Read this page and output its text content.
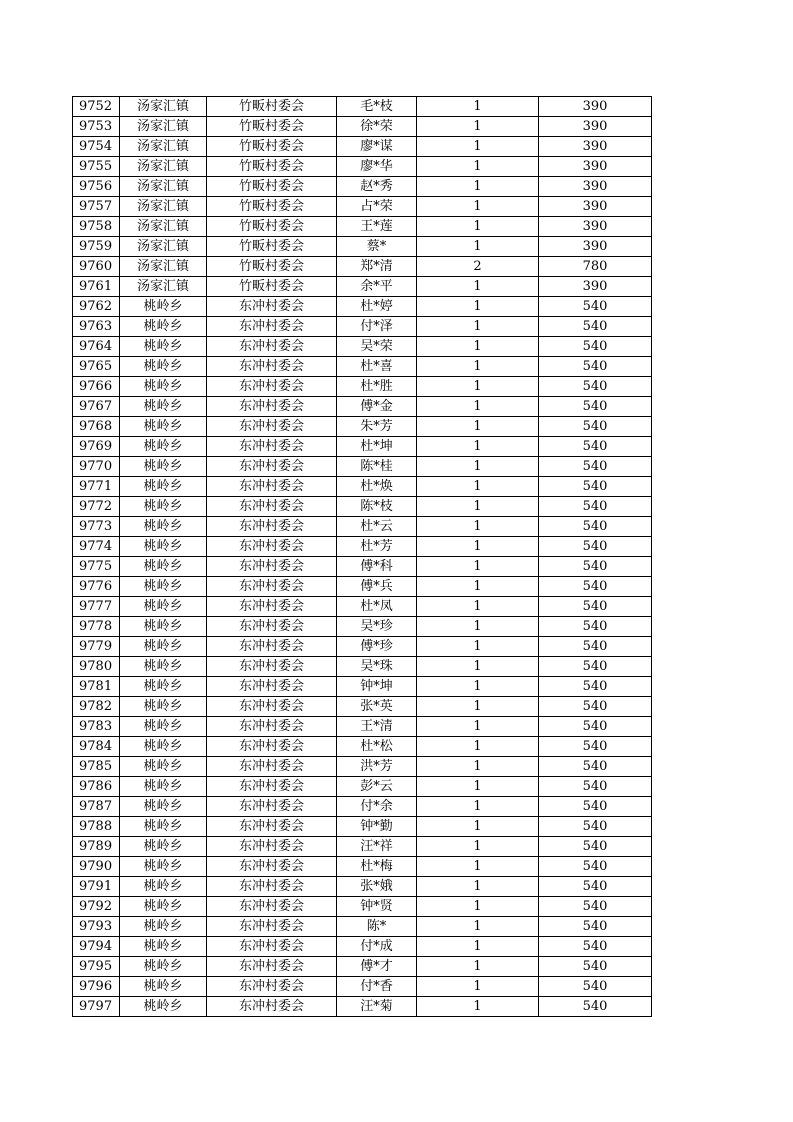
9752	汤家汇镇	竹畈村委会	毛*枝	1	390
9753	汤家汇镇	竹畈村委会	徐*荣	1	390
9754	汤家汇镇	竹畈村委会	廖*谋	1	390
9755	汤家汇镇	竹畈村委会	廖*华	1	390
9756	汤家汇镇	竹畈村委会	赵*秀	1	390
9757	汤家汇镇	竹畈村委会	占*荣	1	390
9758	汤家汇镇	竹畈村委会	王*莲	1	390
9759	汤家汇镇	竹畈村委会	蔡*	1	390
9760	汤家汇镇	竹畈村委会	郑*清	2	780
9761	汤家汇镇	竹畈村委会	余*平	1	390
9762	桃岭乡	东冲村委会	杜*婷	1	540
9763	桃岭乡	东冲村委会	付*泽	1	540
9764	桃岭乡	东冲村委会	吴*荣	1	540
9765	桃岭乡	东冲村委会	杜*喜	1	540
9766	桃岭乡	东冲村委会	杜*胜	1	540
9767	桃岭乡	东冲村委会	傅*金	1	540
9768	桃岭乡	东冲村委会	朱*芳	1	540
9769	桃岭乡	东冲村委会	杜*坤	1	540
9770	桃岭乡	东冲村委会	陈*桂	1	540
9771	桃岭乡	东冲村委会	杜*焕	1	540
9772	桃岭乡	东冲村委会	陈*枝	1	540
9773	桃岭乡	东冲村委会	杜*云	1	540
9774	桃岭乡	东冲村委会	杜*芳	1	540
9775	桃岭乡	东冲村委会	傅*科	1	540
9776	桃岭乡	东冲村委会	傅*兵	1	540
9777	桃岭乡	东冲村委会	杜*凤	1	540
9778	桃岭乡	东冲村委会	吴*珍	1	540
9779	桃岭乡	东冲村委会	傅*珍	1	540
9780	桃岭乡	东冲村委会	吴*珠	1	540
9781	桃岭乡	东冲村委会	钟*坤	1	540
9782	桃岭乡	东冲村委会	张*英	1	540
9783	桃岭乡	东冲村委会	王*清	1	540
9784	桃岭乡	东冲村委会	杜*松	1	540
9785	桃岭乡	东冲村委会	洪*芳	1	540
9786	桃岭乡	东冲村委会	彭*云	1	540
9787	桃岭乡	东冲村委会	付*余	1	540
9788	桃岭乡	东冲村委会	钟*勤	1	540
9789	桃岭乡	东冲村委会	汪*祥	1	540
9790	桃岭乡	东冲村委会	杜*梅	1	540
9791	桃岭乡	东冲村委会	张*娥	1	540
9792	桃岭乡	东冲村委会	钟*贤	1	540
9793	桃岭乡	东冲村委会	陈*	1	540
9794	桃岭乡	东冲村委会	付*成	1	540
9795	桃岭乡	东冲村委会	傅*才	1	540
9796	桃岭乡	东冲村委会	付*香	1	540
9797	桃岭乡	东冲村委会	汪*菊	1	540
